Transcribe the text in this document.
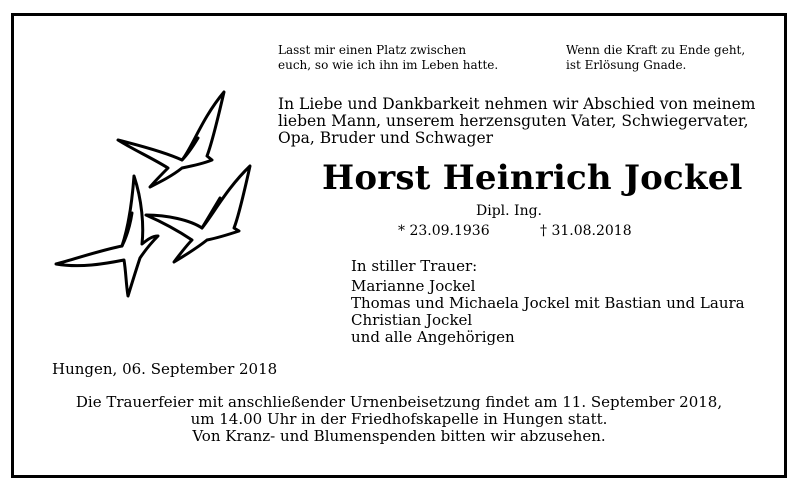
Lasst mir einen Platz zwischen
euch, so wie ich ihn im Leben hatte.
Wenn die Kraft zu Ende geht,
ist Erlösung Gnade.
In Liebe und Dankbarkeit nehmen wir Abschied von meinem
lieben Mann, unserem herzensguten Vater, Schwiegervater,
Opa, Bruder und Schwager
Horst Heinrich Jockel
Dipl. Ing.
* 23.09.1936	† 31.08.2018
In stiller Trauer:
Marianne Jockel
Thomas und Michaela Jockel mit Bastian und Laura
Christian Jockel
und alle Angehörigen
Hungen, 06. September 2018
Die Trauerfeier mit anschließender Urnenbeisetzung findet am 11. September 2018,
um 14.00 Uhr in der Friedhofskapelle in Hungen statt.
Von Kranz- und Blumenspenden bitten wir abzusehen.
